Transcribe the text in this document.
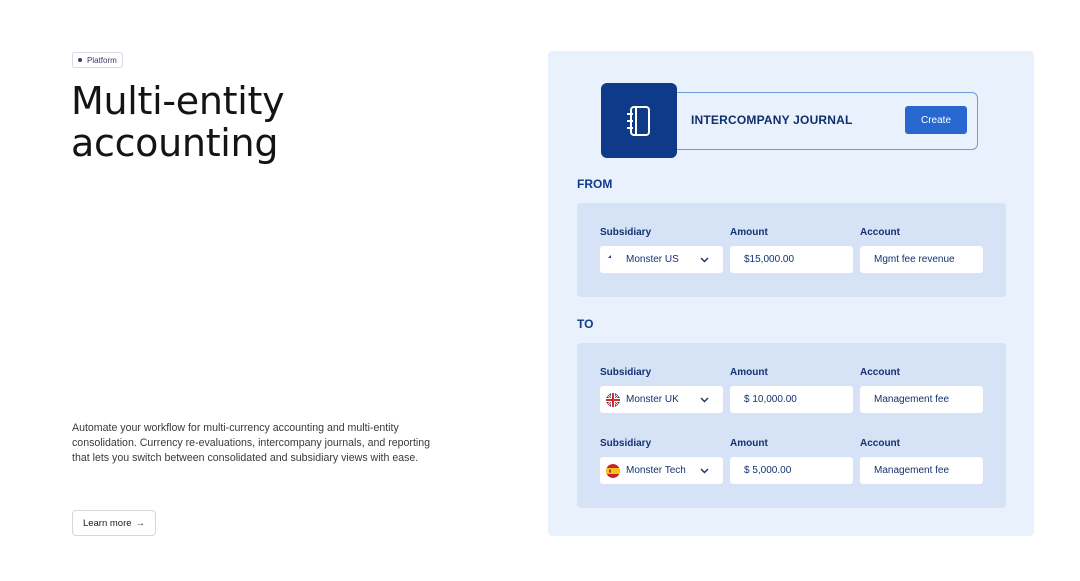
Platform
Multi-entity accounting

Automate your workflow for multi-currency accounting and multi-entity consolidation. Currency re-evaluations, intercompany journals, and reporting that lets you switch between consolidated and subsidiary views with ease.

Learn more →
INTERCOMPANY JOURNAL	Create
FROM
Subsidiary	Amount	Account
Monster US	$15,000.00	Mgmt fee revenue
TO
Subsidiary	Amount	Account
Monster UK	$ 10,000.00	Management fee
Subsidiary	Amount	Account
Monster Tech	$ 5,000.00	Management fee
